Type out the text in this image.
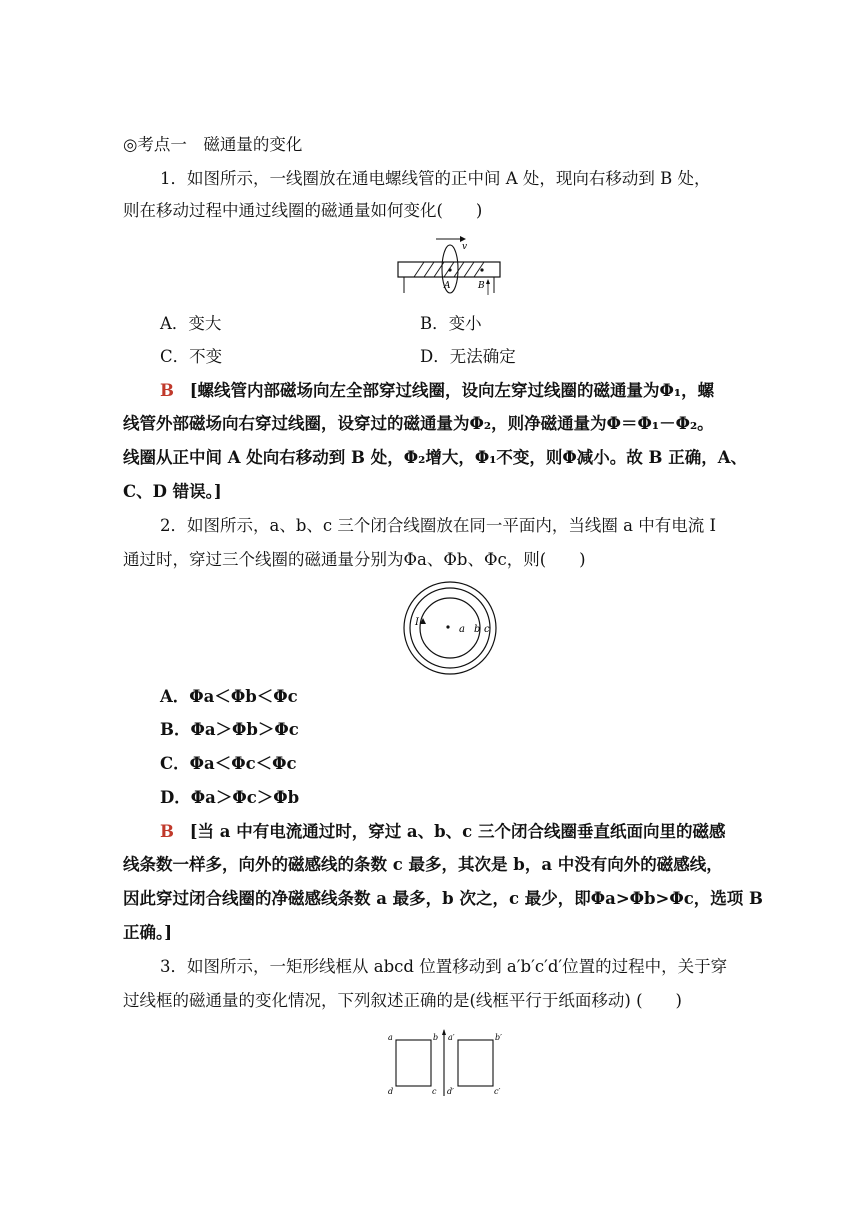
◎考点一　磁通量的变化
1．如图所示，一线圈放在通电螺线管的正中间 A 处，现向右移动到 B 处，
则在移动过程中通过线圈的磁通量如何变化(　　)
v
A	B
A．变大	B．变小
C．不变	D．无法确定
B [螺线管内部磁场向左全部穿过线圈，设向左穿过线圈的磁通量为Φ₁，螺
线管外部磁场向右穿过线圈，设穿过的磁通量为Φ₂，则净磁通量为Φ＝Φ₁－Φ₂。
线圈从正中间 A 处向右移动到 B 处，Φ₂增大，Φ₁不变，则Φ减小。故 B 正确，A、
C、D 错误。]
2．如图所示，a、b、c 三个闭合线圈放在同一平面内，当线圈 a 中有电流 I
通过时，穿过三个线圈的磁通量分别为Φa、Φb、Φc，则(　　)
I
a b c
A．Φa＜Φb＜Φc
B．Φa＞Φb＞Φc
C．Φa＜Φc＜Φc
D．Φa＞Φc＞Φb
B [当 a 中有电流通过时，穿过 a、b、c 三个闭合线圈垂直纸面向里的磁感
线条数一样多，向外的磁感线的条数 c 最多，其次是 b，a 中没有向外的磁感线，
因此穿过闭合线圈的净磁感线条数 a 最多，b 次之，c 最少，即Φa>Φb>Φc，选项 B
正确。]
3．如图所示，一矩形线框从 abcd 位置移动到 a′b′c′d′位置的过程中，关于穿
过线框的磁通量的变化情况，下列叙述正确的是(线框平行于纸面移动) (　　)
a	b
c
d
a′	b′
c′
d′
